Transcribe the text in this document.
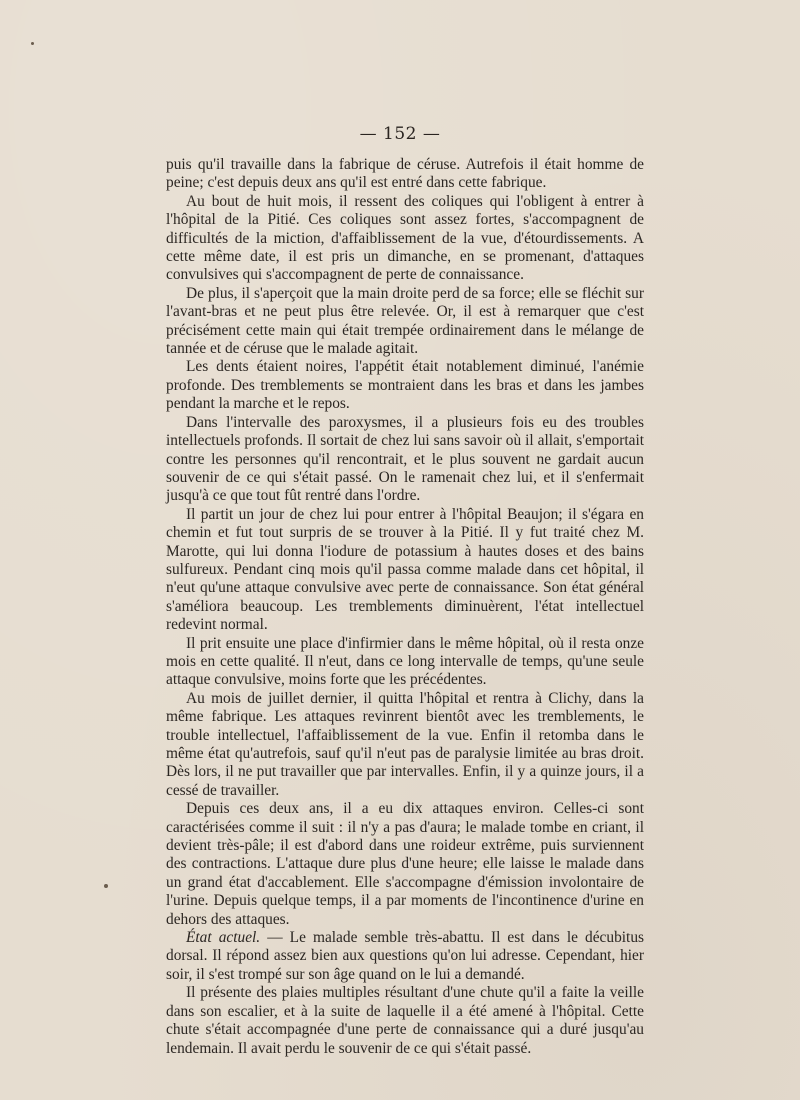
— 152 —

puis qu'il travaille dans la fabrique de céruse. Autrefois il était homme de peine; c'est depuis deux ans qu'il est entré dans cette fabrique.

Au bout de huit mois, il ressent des coliques qui l'obligent à entrer à l'hôpital de la Pitié. Ces coliques sont assez fortes, s'accompagnent de difficultés de la miction, d'affaiblissement de la vue, d'étourdissements. A cette même date, il est pris un dimanche, en se promenant, d'attaques convulsives qui s'accompagnent de perte de connaissance.

De plus, il s'aperçoit que la main droite perd de sa force; elle se fléchit sur l'avant-bras et ne peut plus être relevée. Or, il est à remarquer que c'est précisément cette main qui était trempée ordinairement dans le mélange de tannée et de céruse que le malade agitait.

Les dents étaient noires, l'appétit était notablement diminué, l'anémie profonde. Des tremblements se montraient dans les bras et dans les jambes pendant la marche et le repos.

Dans l'intervalle des paroxysmes, il a plusieurs fois eu des troubles intellectuels profonds. Il sortait de chez lui sans savoir où il allait, s'emportait contre les personnes qu'il rencontrait, et le plus souvent ne gardait aucun souvenir de ce qui s'était passé. On le ramenait chez lui, et il s'enfermait jusqu'à ce que tout fût rentré dans l'ordre.

Il partit un jour de chez lui pour entrer à l'hôpital Beaujon; il s'égara en chemin et fut tout surpris de se trouver à la Pitié. Il y fut traité chez M. Marotte, qui lui donna l'iodure de potassium à hautes doses et des bains sulfureux. Pendant cinq mois qu'il passa comme malade dans cet hôpital, il n'eut qu'une attaque convulsive avec perte de connaissance. Son état général s'améliora beaucoup. Les tremblements diminuèrent, l'état intellectuel redevint normal.

Il prit ensuite une place d'infirmier dans le même hôpital, où il resta onze mois en cette qualité. Il n'eut, dans ce long intervalle de temps, qu'une seule attaque convulsive, moins forte que les précédentes.

Au mois de juillet dernier, il quitta l'hôpital et rentra à Clichy, dans la même fabrique. Les attaques revinrent bientôt avec les tremblements, le trouble intellectuel, l'affaiblissement de la vue. Enfin il retomba dans le même état qu'autrefois, sauf qu'il n'eut pas de paralysie limitée au bras droit. Dès lors, il ne put travailler que par intervalles. Enfin, il y a quinze jours, il a cessé de travailler.

Depuis ces deux ans, il a eu dix attaques environ. Celles-ci sont caractérisées comme il suit : il n'y a pas d'aura; le malade tombe en criant, il devient très-pâle; il est d'abord dans une roideur extrême, puis surviennent des contractions. L'attaque dure plus d'une heure; elle laisse le malade dans un grand état d'accablement. Elle s'accompagne d'émission involontaire de l'urine. Depuis quelque temps, il a par moments de l'incontinence d'urine en dehors des attaques.

État actuel. — Le malade semble très-abattu. Il est dans le décubitus dorsal. Il répond assez bien aux questions qu'on lui adresse. Cependant, hier soir, il s'est trompé sur son âge quand on le lui a demandé.

Il présente des plaies multiples résultant d'une chute qu'il a faite la veille dans son escalier, et à la suite de laquelle il a été amené à l'hôpital. Cette chute s'était accompagnée d'une perte de connaissance qui a duré jusqu'au lendemain. Il avait perdu le souvenir de ce qui s'était passé.
